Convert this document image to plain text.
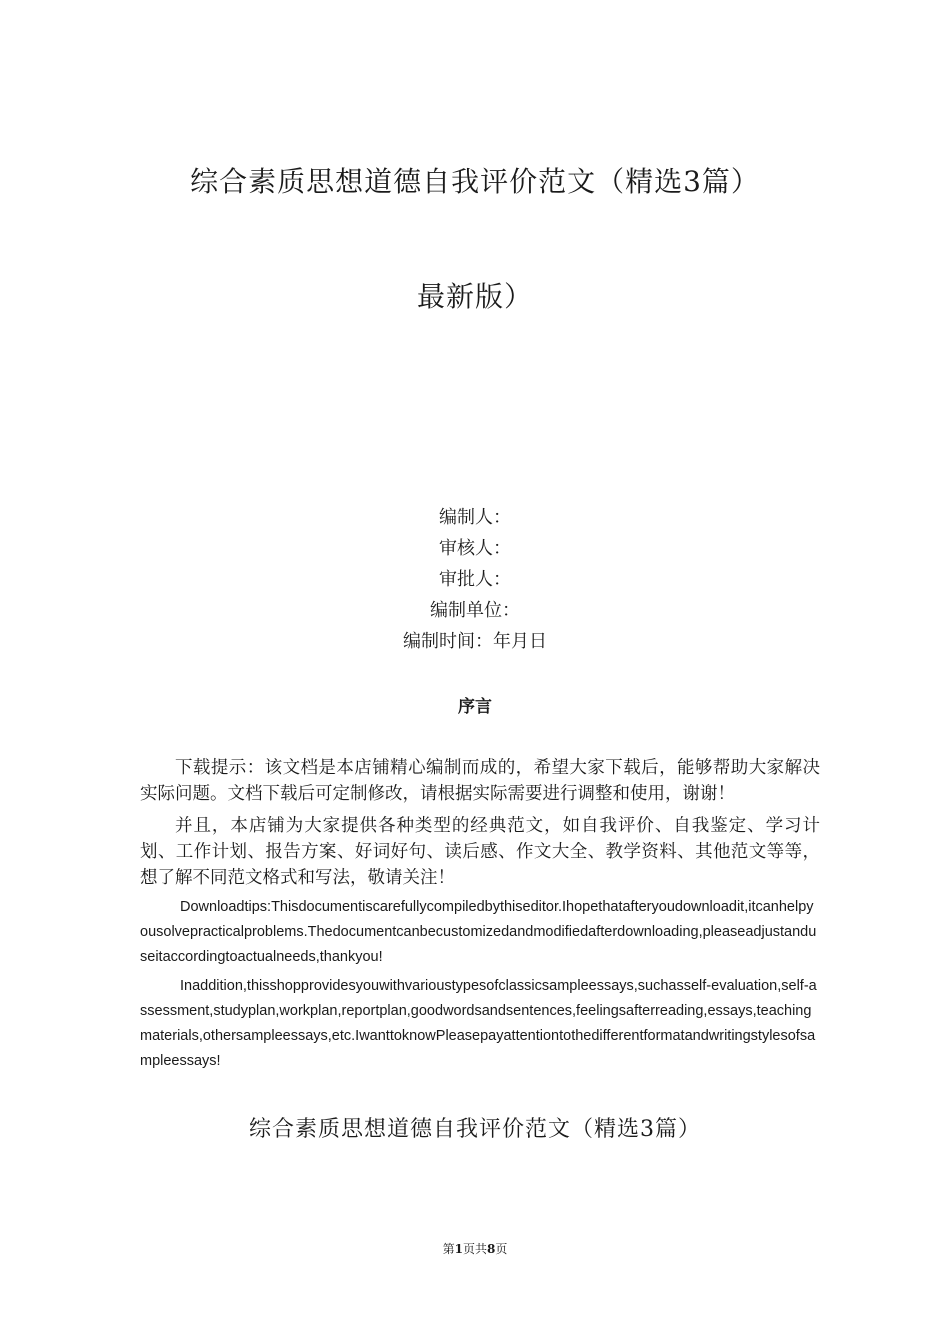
综合素质思想道德自我评价范文（精选3篇）
最新版）
编制人：
审核人：
审批人：
编制单位：
编制时间：年月日
序言

下载提示：该文档是本店铺精心编制而成的，希望大家下载后，能够帮助大家解决实际问题。文档下载后可定制修改，请根据实际需要进行调整和使用，谢谢！

并且，本店铺为大家提供各种类型的经典范文，如自我评价、自我鉴定、学习计划、工作计划、报告方案、好词好句、读后感、作文大全、教学资料、其他范文等等，想了解不同范文格式和写法，敬请关注！

Downloadtips:Thisdocumentiscarefullycompiledbythiseditor.Ihopethatafteryoudownloadit,itcanhelpyousolvepracticalproblems.Thedocumentcanbecustomizedandmodifiedafterdownloading,pleaseadjustanduseitaccordingtoactualneeds,thankyou!

Inaddition,thisshopprovidesyouwithvarioustypesofclassicsampleessays,suchasself-evaluation,self-assessment,studyplan,workplan,reportplan,goodwordsandsentences,feelingsafterreading,essays,teachingmaterials,othersampleessays,etc.IwanttoknowPleasepayattentiontothedifferentformatandwritingstylesofsampleessays!

综合素质思想道德自我评价范文（精选3篇）
第1页共8页
